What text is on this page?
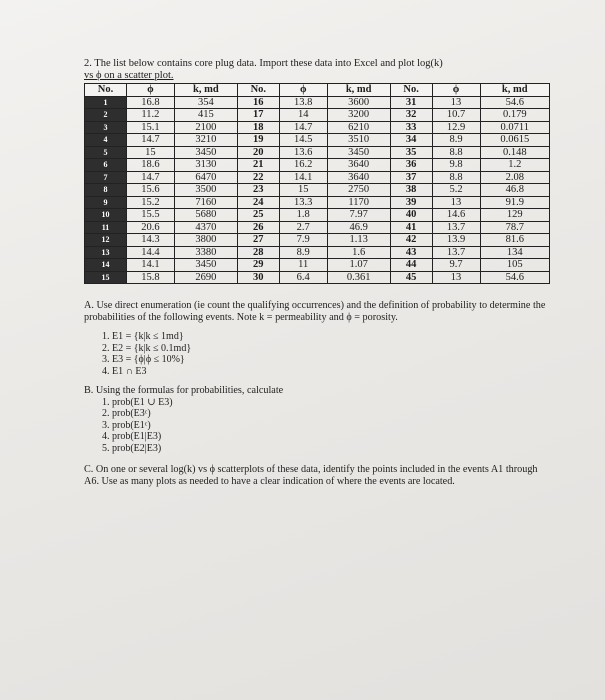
2. The list below contains core plug data. Import these data into Excel and plot log(k)
vs ϕ on a scatter plot.

No.	ϕ	k, md	No.	ϕ	k, md	No.	ϕ	k, md
1	16.8	354	16	13.8	3600	31	13	54.6
2	11.2	415	17	14	3200	32	10.7	0.179
3	15.1	2100	18	14.7	6210	33	12.9	0.0711
4	14.7	3210	19	14.5	3510	34	8.9	0.0615
5	15	3450	20	13.6	3450	35	8.8	0.148
6	18.6	3130	21	16.2	3640	36	9.8	1.2
7	14.7	6470	22	14.1	3640	37	8.8	2.08
8	15.6	3500	23	15	2750	38	5.2	46.8
9	15.2	7160	24	13.3	1170	39	13	91.9
10	15.5	5680	25	1.8	7.97	40	14.6	129
11	20.6	4370	26	2.7	46.9	41	13.7	78.7
12	14.3	3800	27	7.9	1.13	42	13.9	81.6
13	14.4	3380	28	8.9	1.6	43	13.7	134
14	14.1	3450	29	11	1.07	44	9.7	105
15	15.8	2690	30	6.4	0.361	45	13	54.6

A. Use direct enumeration (ie count the qualifying occurrences) and the definition of probability to determine the probabilities of the following events. Note k = permeability and ϕ = porosity.

1. E1 = {k|k ≤ 1md}
2. E2 = {k|k ≤ 0.1md}
3. E3 = {ϕ|ϕ ≤ 10%}
4. E1 ∩ E3

B. Using the formulas for probabilities, calculate

1. prob(E1 ∪ E3)
2. prob(E3ᶜ)
3. prob(E1ᶜ)
4. prob(E1|E3)
5. prob(E2|E3)

C. On one or several log(k) vs ϕ scatterplots of these data, identify the points included in the events A1 through A6. Use as many plots as needed to have a clear indication of where the events are located.
